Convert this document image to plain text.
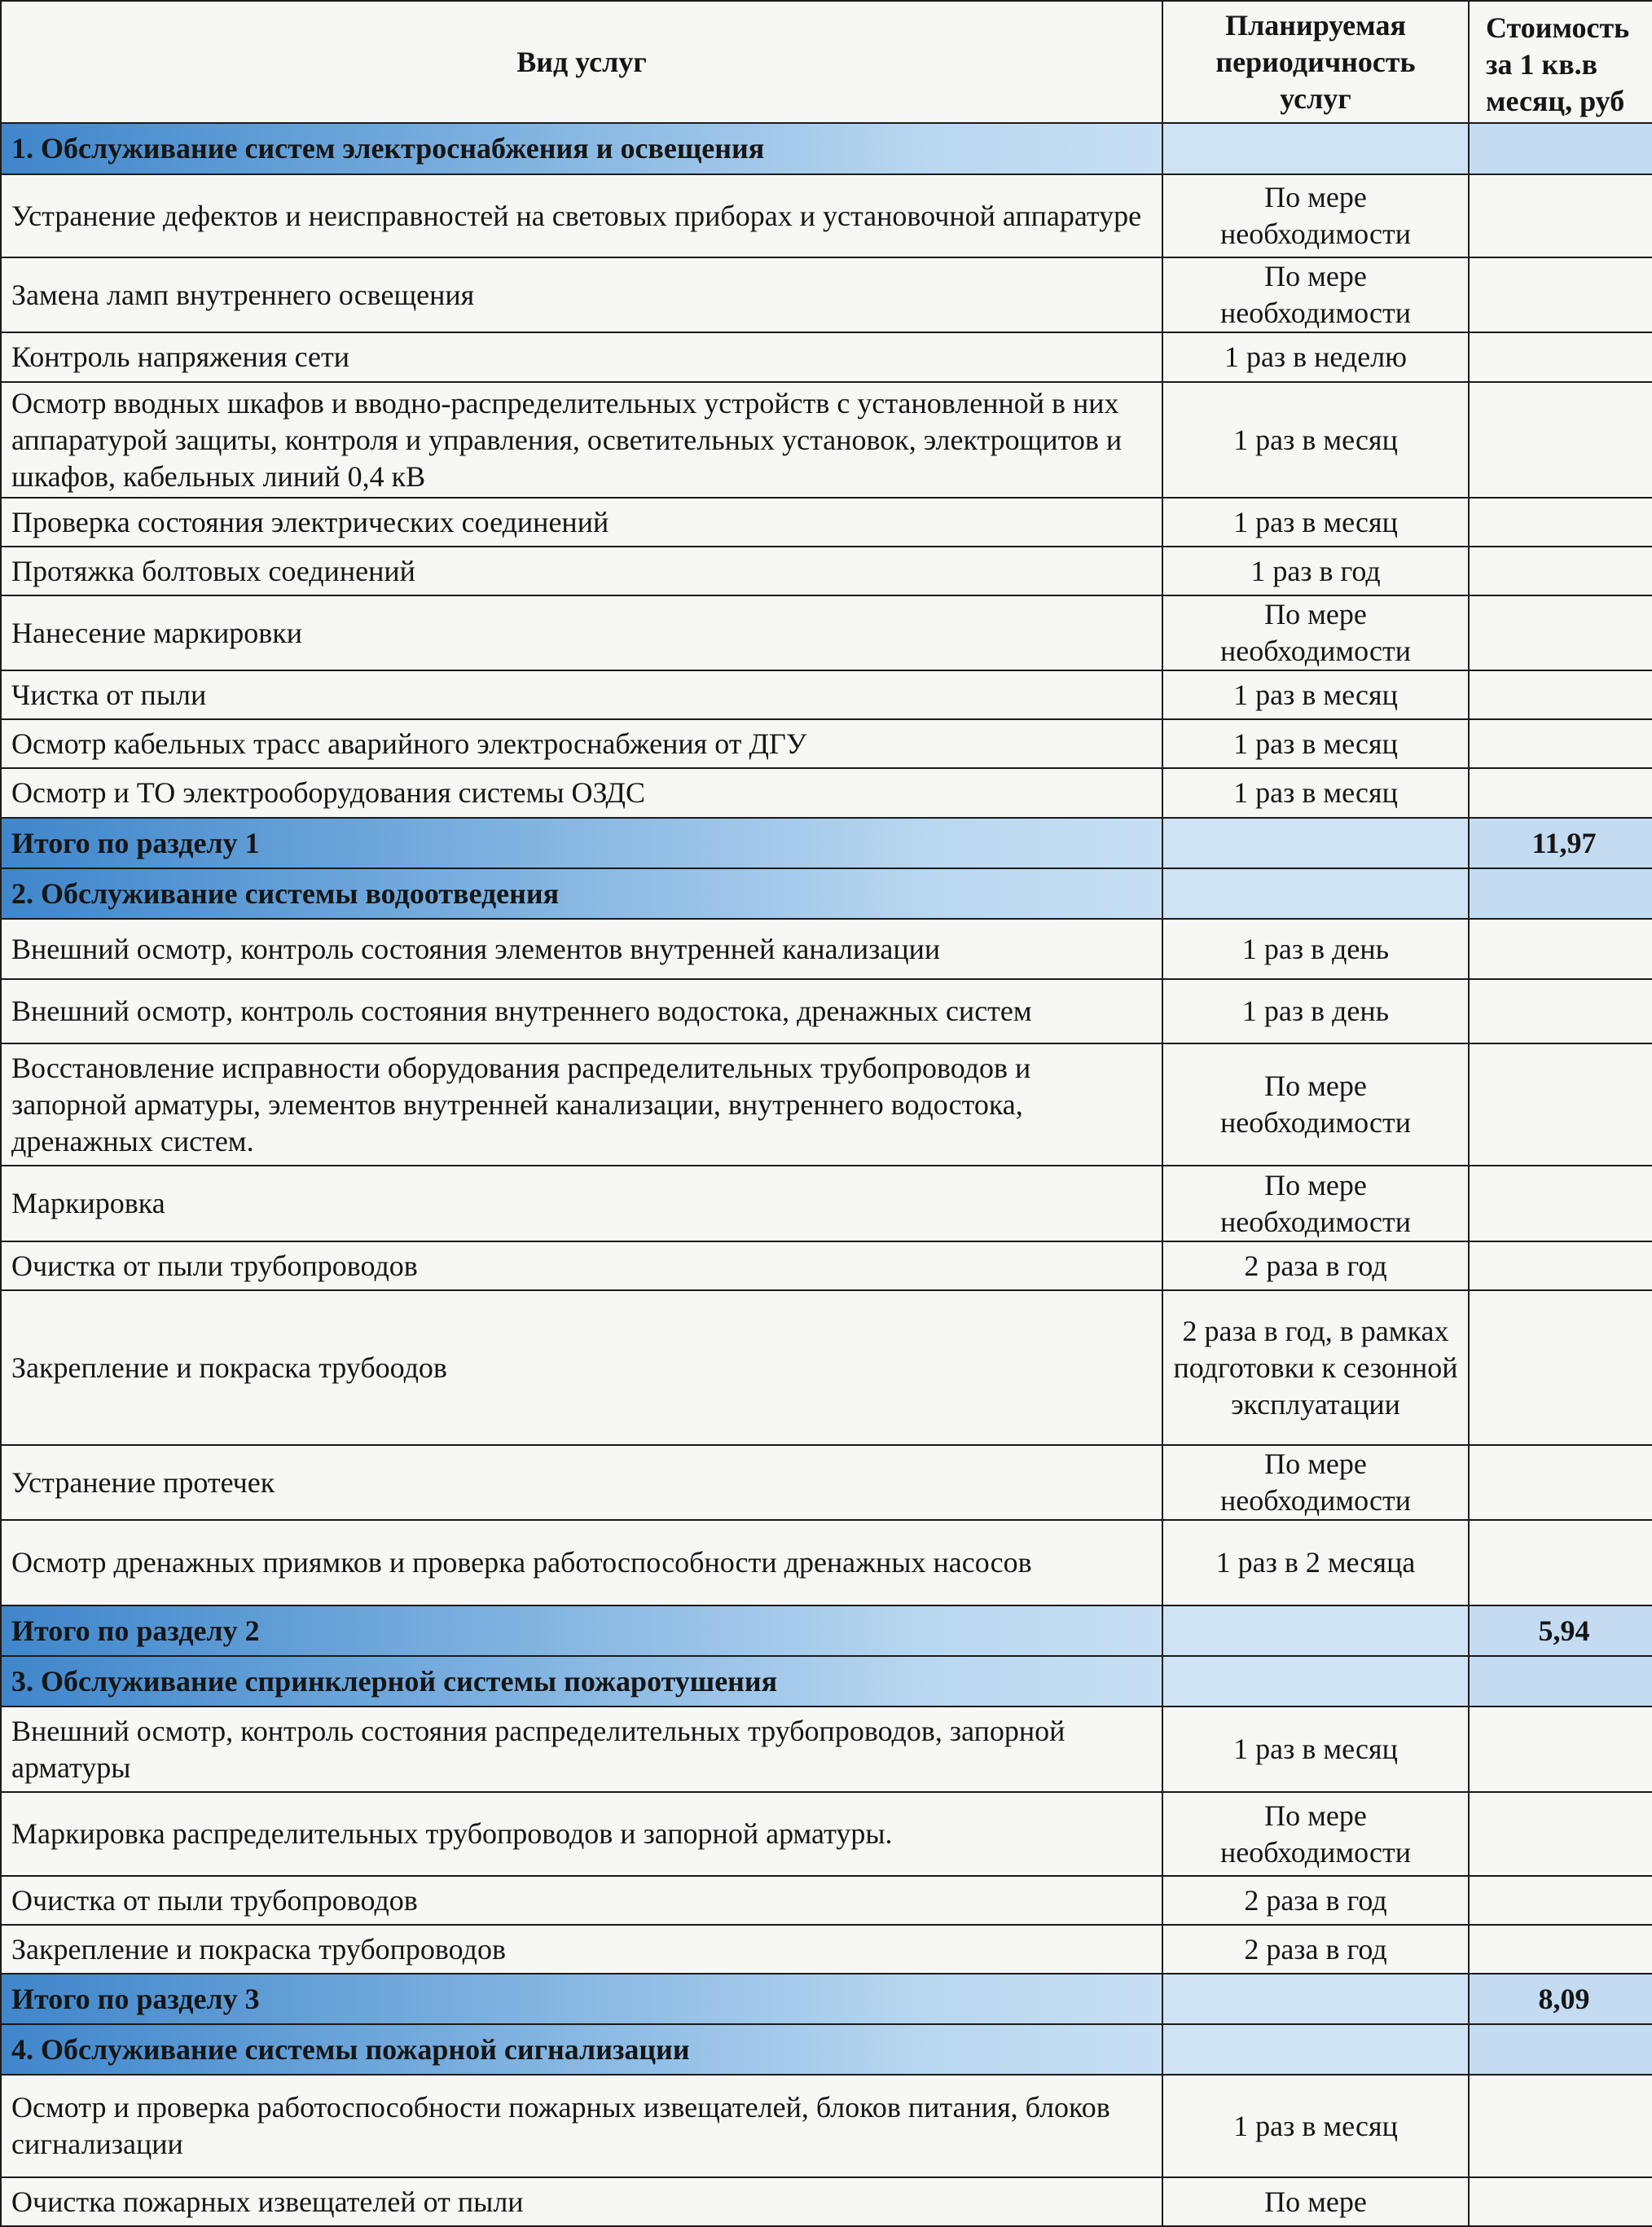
Вид услуг	Планируемая периодичность услуг	Стоимость за 1 кв.в месяц, руб
1. Обслуживание систем электроснабжения и освещения		
Устранение дефектов и неисправностей на световых приборах и установочной аппаратуре	По мере необходимости	
Замена ламп внутреннего освещения	По мере необходимости	
Контроль напряжения сети	1 раз в неделю	
Осмотр вводных шкафов и вводно-распределительных устройств с установленной в них аппаратурой защиты, контроля и управления, осветительных установок, электрощитов и шкафов, кабельных линий 0,4 кВ	1 раз в месяц	
Проверка состояния электрических соединений	1 раз в месяц	
Протяжка болтовых соединений	1 раз в год	
Нанесение маркировки	По мере необходимости	
Чистка от пыли	1 раз в месяц	
Осмотр кабельных трасс аварийного электроснабжения от ДГУ	1 раз в месяц	
Осмотр и ТО электрооборудования системы ОЗДС	1 раз в месяц	
Итого по разделу 1		11,97
2. Обслуживание системы водоотведения		
Внешний осмотр, контроль состояния элементов внутренней канализации	1 раз в день	
Внешний осмотр, контроль состояния внутреннего водостока, дренажных систем	1 раз в день	
Восстановление исправности оборудования распределительных трубопроводов и запорной арматуры, элементов внутренней канализации, внутреннего водостока, дренажных систем.	По мере необходимости	
Маркировка	По мере необходимости	
Очистка от пыли трубопроводов	2 раза в год	
Закрепление и покраска трубоодов	2 раза в год, в рамках подготовки к сезонной эксплуатации	
Устранение протечек	По мере необходимости	
Осмотр дренажных приямков и проверка работоспособности дренажных насосов	1 раз в 2 месяца	
Итого по разделу 2		5,94
3. Обслуживание спринклерной системы пожаротушения		
Внешний осмотр, контроль состояния распределительных трубопроводов, запорной арматуры	1 раз в месяц	
Маркировка распределительных трубопроводов и запорной арматуры.	По мере необходимости	
Очистка от пыли трубопроводов	2 раза в год	
Закрепление и покраска трубопроводов	2 раза в год	
Итого по разделу 3		8,09
4. Обслуживание системы пожарной сигнализации		
Осмотр и проверка работоспособности пожарных извещателей, блоков питания, блоков сигнализации	1 раз в месяц	
Очистка пожарных извещателей от пыли	По мере	
